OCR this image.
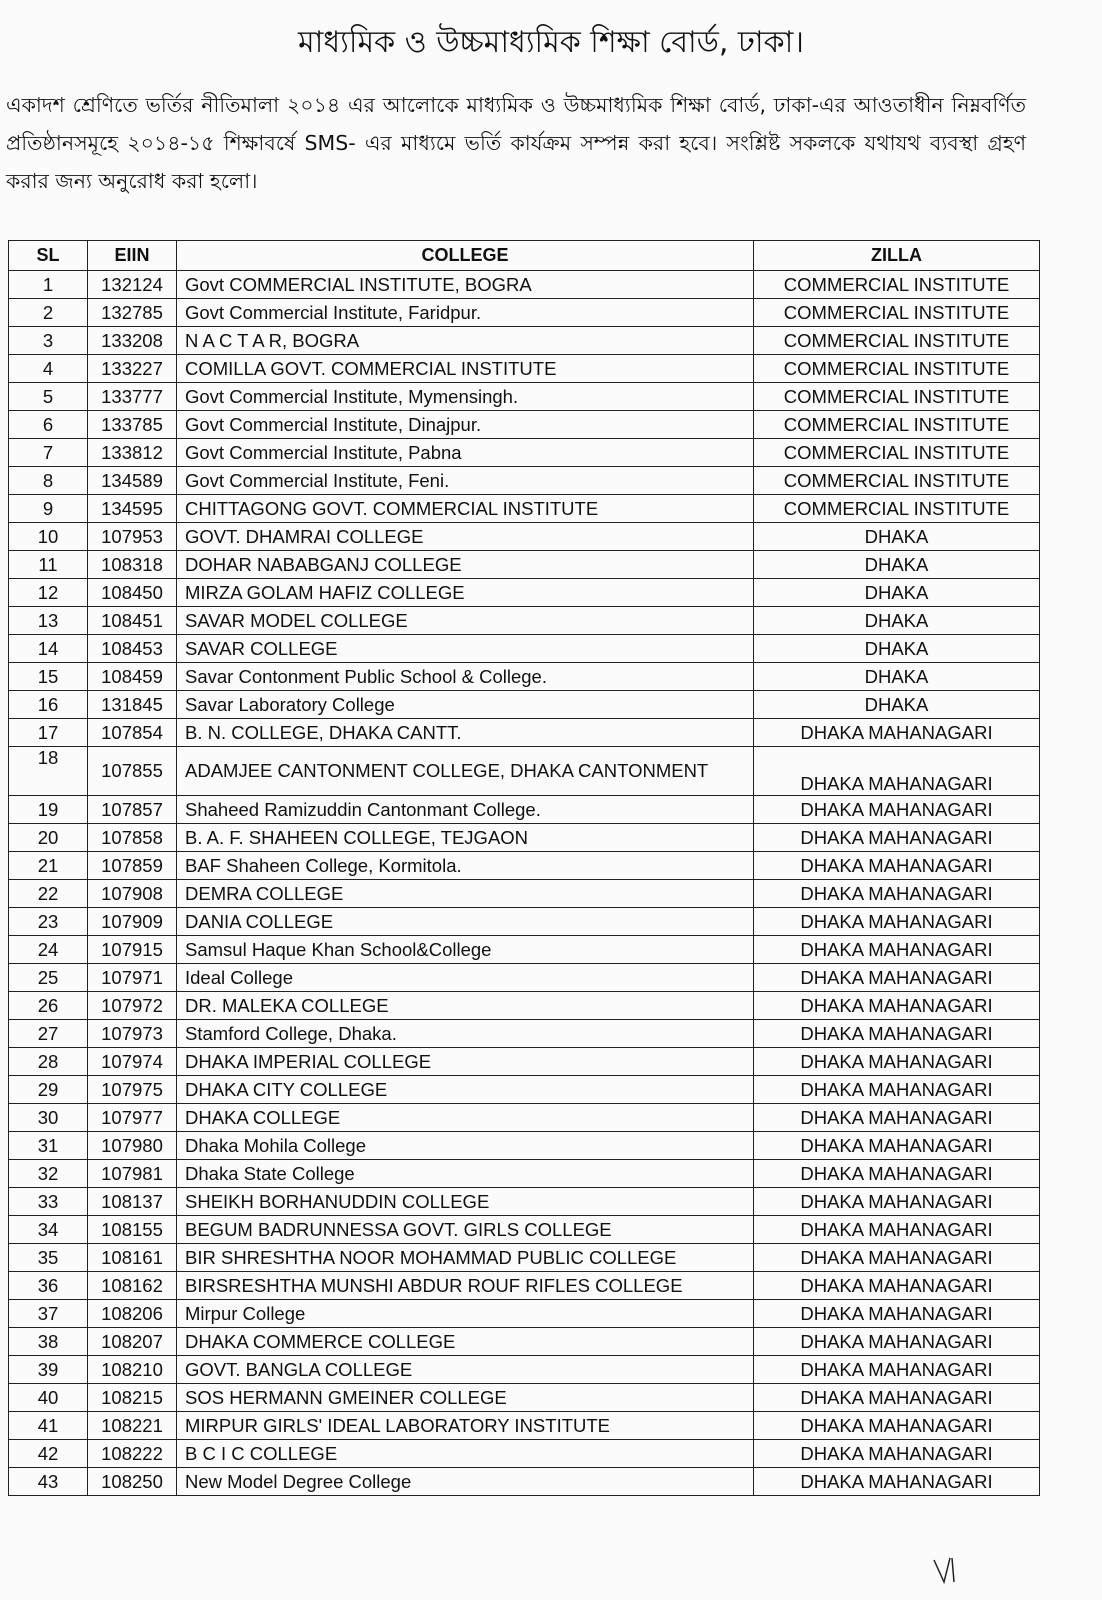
মাধ্যমিক ও উচ্চমাধ্যমিক শিক্ষা বোর্ড, ঢাকা।
একাদশ শ্রেণিতে ভর্তির নীতিমালা ২০১৪ এর আলোকে মাধ্যমিক ও উচ্চমাধ্যমিক শিক্ষা বোর্ড, ঢাকা-এর আওতাধীন নিম্নবর্ণিত প্রতিষ্ঠানসমূহে ২০১৪-১৫ শিক্ষাবর্ষে SMS- এর মাধ্যমে ভর্তি কার্যক্রম সম্পন্ন করা হবে। সংশ্লিষ্ট সকলকে যথাযথ ব্যবস্থা গ্রহণ করার জন্য অনুরোধ করা হলো।
SL	EIIN	COLLEGE	ZILLA
1	132124	Govt COMMERCIAL INSTITUTE, BOGRA	COMMERCIAL INSTITUTE
2	132785	Govt Commercial Institute, Faridpur.	COMMERCIAL INSTITUTE
3	133208	N A C T A R, BOGRA	COMMERCIAL INSTITUTE
4	133227	COMILLA GOVT. COMMERCIAL INSTITUTE	COMMERCIAL INSTITUTE
5	133777	Govt Commercial Institute, Mymensingh.	COMMERCIAL INSTITUTE
6	133785	Govt Commercial Institute, Dinajpur.	COMMERCIAL INSTITUTE
7	133812	Govt Commercial Institute, Pabna	COMMERCIAL INSTITUTE
8	134589	Govt Commercial Institute, Feni.	COMMERCIAL INSTITUTE
9	134595	CHITTAGONG GOVT. COMMERCIAL INSTITUTE	COMMERCIAL INSTITUTE
10	107953	GOVT. DHAMRAI COLLEGE	DHAKA
11	108318	DOHAR NABABGANJ COLLEGE	DHAKA
12	108450	MIRZA GOLAM HAFIZ COLLEGE	DHAKA
13	108451	SAVAR MODEL COLLEGE	DHAKA
14	108453	SAVAR COLLEGE	DHAKA
15	108459	Savar Contonment Public School & College.	DHAKA
16	131845	Savar Laboratory College	DHAKA
17	107854	B. N. COLLEGE, DHAKA CANTT.	DHAKA MAHANAGARI
18	107855	ADAMJEE CANTONMENT COLLEGE, DHAKA CANTONMENT	DHAKA MAHANAGARI
19	107857	Shaheed Ramizuddin Cantonmant College.	DHAKA MAHANAGARI
20	107858	B. A. F. SHAHEEN COLLEGE, TEJGAON	DHAKA MAHANAGARI
21	107859	BAF Shaheen College, Kormitola.	DHAKA MAHANAGARI
22	107908	DEMRA COLLEGE	DHAKA MAHANAGARI
23	107909	DANIA COLLEGE	DHAKA MAHANAGARI
24	107915	Samsul Haque Khan School&College	DHAKA MAHANAGARI
25	107971	Ideal College	DHAKA MAHANAGARI
26	107972	DR. MALEKA COLLEGE	DHAKA MAHANAGARI
27	107973	Stamford College, Dhaka.	DHAKA MAHANAGARI
28	107974	DHAKA IMPERIAL COLLEGE	DHAKA MAHANAGARI
29	107975	DHAKA CITY COLLEGE	DHAKA MAHANAGARI
30	107977	DHAKA COLLEGE	DHAKA MAHANAGARI
31	107980	Dhaka Mohila College	DHAKA MAHANAGARI
32	107981	Dhaka State College	DHAKA MAHANAGARI
33	108137	SHEIKH BORHANUDDIN COLLEGE	DHAKA MAHANAGARI
34	108155	BEGUM BADRUNNESSA GOVT. GIRLS COLLEGE	DHAKA MAHANAGARI
35	108161	BIR SHRESHTHA NOOR MOHAMMAD PUBLIC COLLEGE	DHAKA MAHANAGARI
36	108162	BIRSRESHTHA MUNSHI ABDUR ROUF RIFLES COLLEGE	DHAKA MAHANAGARI
37	108206	Mirpur College	DHAKA MAHANAGARI
38	108207	DHAKA COMMERCE COLLEGE	DHAKA MAHANAGARI
39	108210	GOVT. BANGLA COLLEGE	DHAKA MAHANAGARI
40	108215	SOS HERMANN GMEINER COLLEGE	DHAKA MAHANAGARI
41	108221	MIRPUR GIRLS' IDEAL LABORATORY INSTITUTE	DHAKA MAHANAGARI
42	108222	B C I C COLLEGE	DHAKA MAHANAGARI
43	108250	New Model Degree College	DHAKA MAHANAGARI
